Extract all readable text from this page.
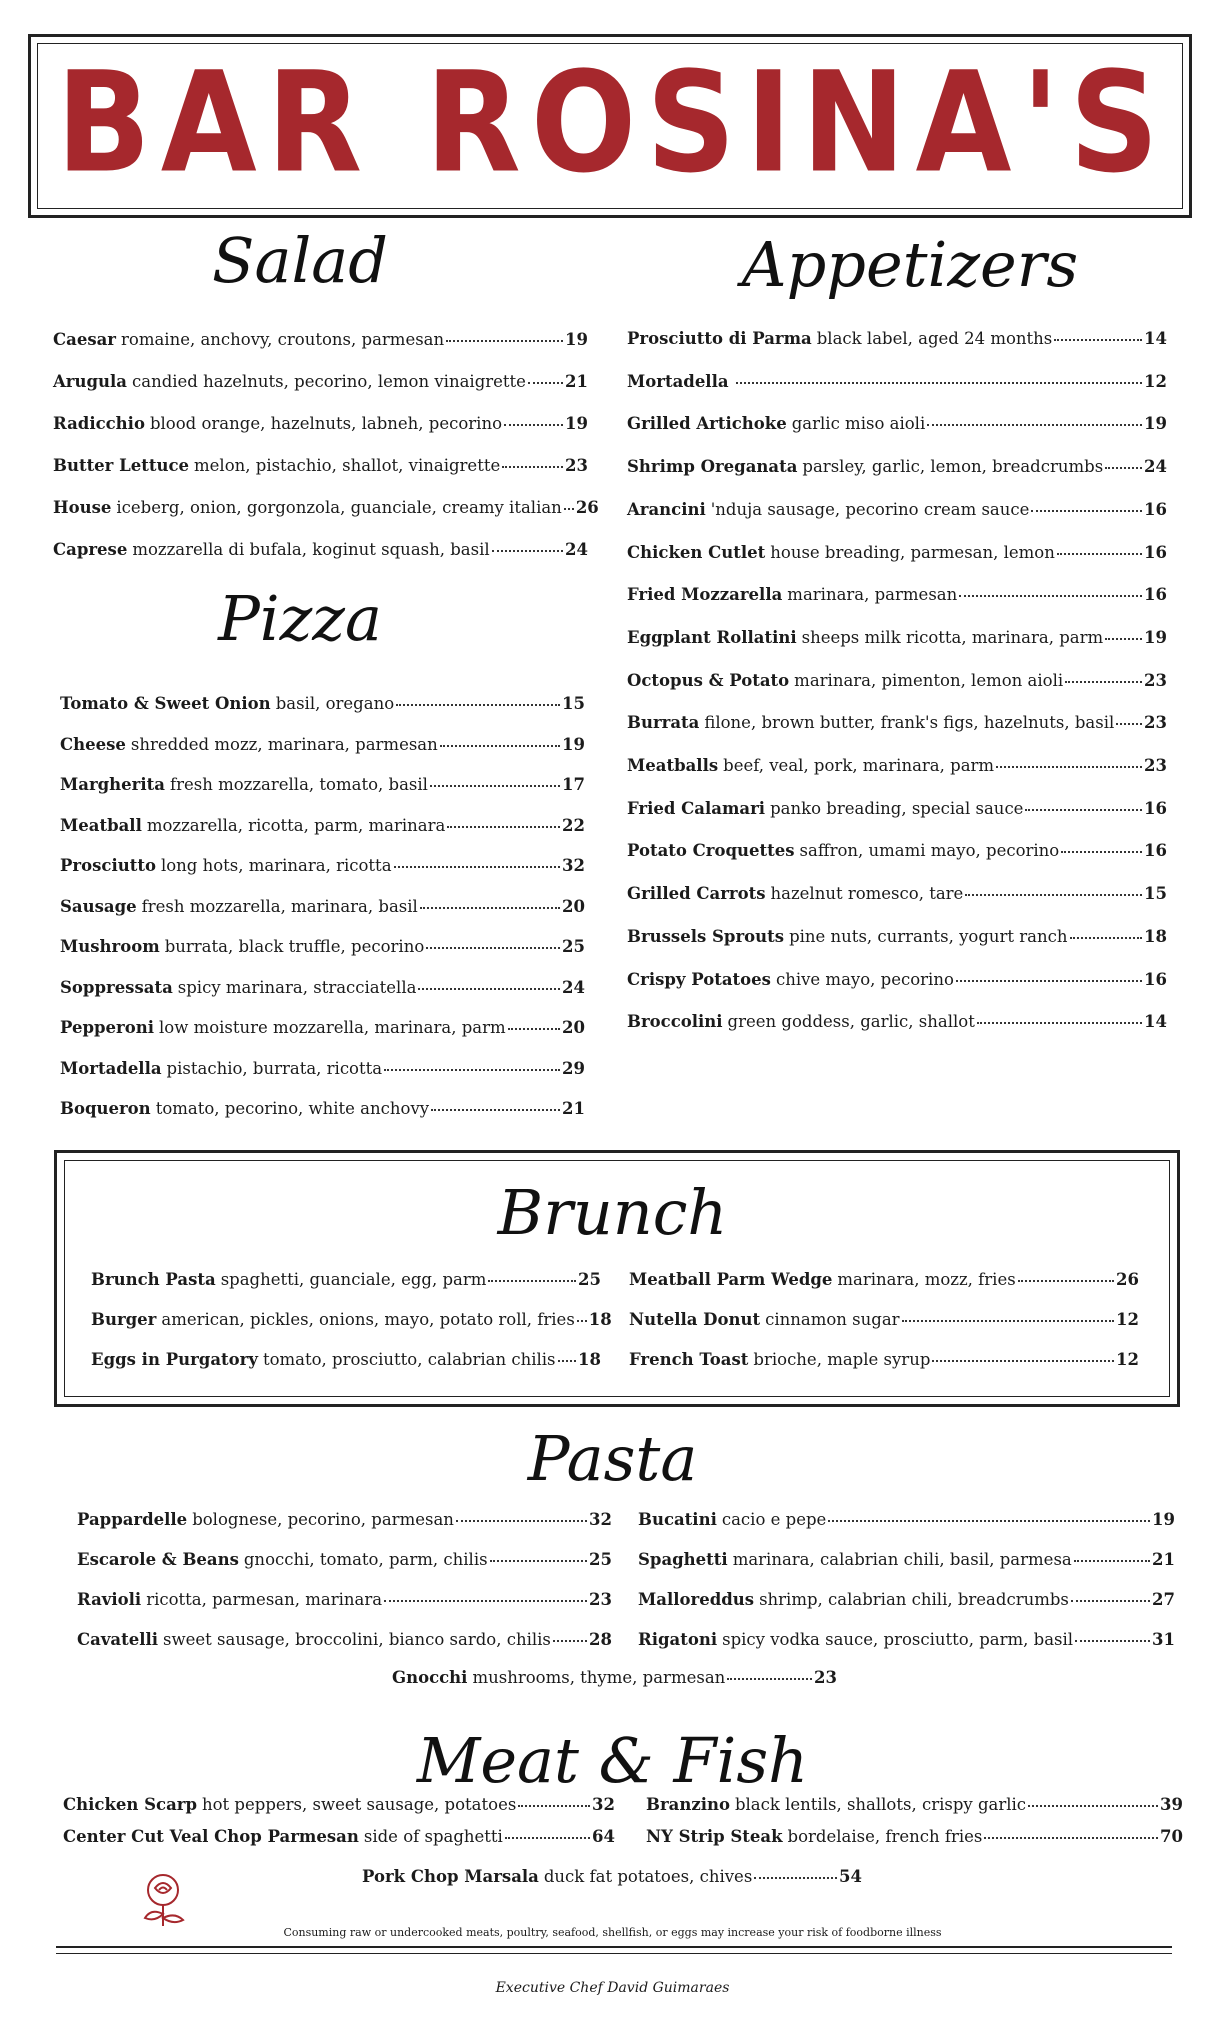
BAR ROSINA'S
Salad	Appetizers
Pizza
Brunch
Pasta
Meat & Fish
Caesar romaine, anchovy, croutons, parmesan	19
Arugula candied hazelnuts, pecorino, lemon vinaigrette 21
Radicchio blood orange, hazelnuts, labneh, pecorino	19
Butter Lettuce melon, pistachio, shallot, vinaigrette	23
House iceberg, onion, gorgonzola, guanciale, creamy italian 26
Caprese mozzarella di bufala, koginut squash, basil	24
Tomato & Sweet Onion basil, oregano	15
Cheese shredded mozz, marinara, parmesan	19
Margherita fresh mozzarella, tomato, basil	17
Meatball mozzarella, ricotta, parm, marinara	22
Prosciutto long hots, marinara, ricotta	32
Sausage fresh mozzarella, marinara, basil	20
Mushroom burrata, black truffle, pecorino	25
Soppressata spicy marinara, stracciatella	24
Pepperoni low moisture mozzarella, marinara, parm	20
Mortadella pistachio, burrata, ricotta	29
Boqueron tomato, pecorino, white anchovy	21
Prosciutto di Parma black label, aged 24 months	14
Mortadella	12
Grilled Artichoke garlic miso aioli	19
Shrimp Oreganata parsley, garlic, lemon, breadcrumbs 24
Arancini 'nduja sausage, pecorino cream sauce	16
Chicken Cutlet house breading, parmesan, lemon	16
Fried Mozzarella marinara, parmesan	16
Eggplant Rollatini sheeps milk ricotta, marinara, parm 19
Octopus & Potato marinara, pimenton, lemon aioli	23
Burrata filone, brown butter, frank's figs, hazelnuts, basil 23
Meatballs beef, veal, pork, marinara, parm	23
Fried Calamari panko breading, special sauce	16
Potato Croquettes saffron, umami mayo, pecorino	16
Grilled Carrots hazelnut romesco, tare	15
Brussels Sprouts pine nuts, currants, yogurt ranch	18
Crispy Potatoes chive mayo, pecorino	16
Broccolini green goddess, garlic, shallot	14
Brunch Pasta spaghetti, guanciale, egg, parm	25
Burger american, pickles, onions, mayo, potato roll, fries 18
Eggs in Purgatory tomato, prosciutto, calabrian chilis 18
Meatball Parm Wedge marinara, mozz, fries	26
Nutella Donut cinnamon sugar	12
French Toast brioche, maple syrup	12
Pappardelle bolognese, pecorino, parmesan	32
Escarole & Beans gnocchi, tomato, parm, chilis	25
Ravioli ricotta, parmesan, marinara	23
Cavatelli sweet sausage, broccolini, bianco sardo, chilis 28
Bucatini cacio e pepe	19
Spaghetti marinara, calabrian chili, basil, parmesa	21
Malloreddus shrimp, calabrian chili, breadcrumbs	27
Rigatoni spicy vodka sauce, prosciutto, parm, basil	31
Gnocchi mushrooms, thyme, parmesan	23
Chicken Scarp hot peppers, sweet sausage, potatoes	32
Center Cut Veal Chop Parmesan side of spaghetti	64
Branzino black lentils, shallots, crispy garlic	39
NY Strip Steak bordelaise, french fries	70
Pork Chop Marsala duck fat potatoes, chives	54
Consuming raw or undercooked meats, poultry, seafood, shellfish, or eggs may increase your risk of foodborne illness
Executive Chef David Guimaraes
